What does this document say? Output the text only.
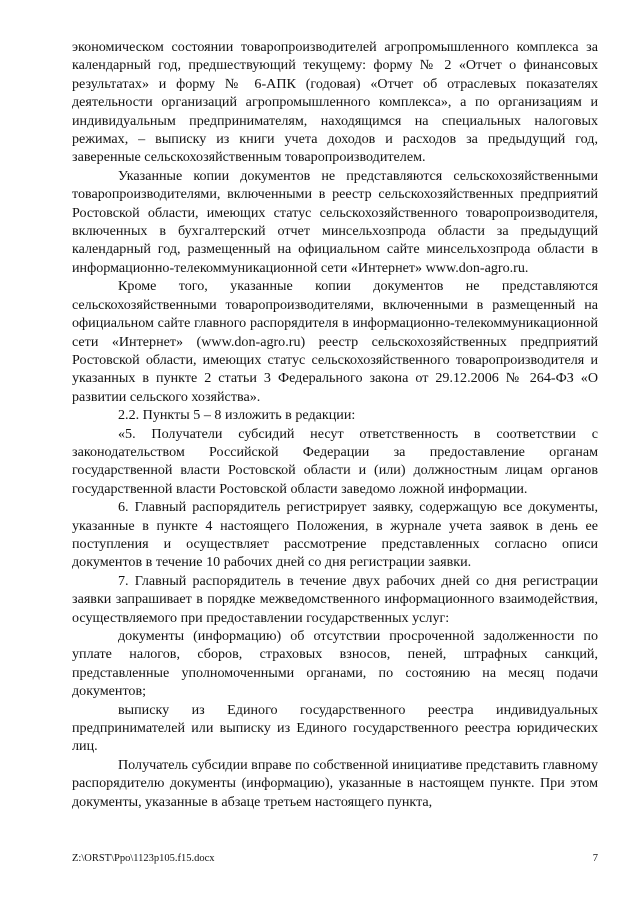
экономическом состоянии товаропроизводителей агропромышленного комплекса за календарный год, предшествующий текущему: форму № 2 «Отчет о финансовых результатах» и форму № 6-АПК (годовая) «Отчет об отраслевых показателях деятельности организаций агропромышленного комплекса», а по организациям и индивидуальным предпринимателям, находящимся на специальных налоговых режимах, – выписку из книги учета доходов и расходов за предыдущий год, заверенные сельскохозяйственным товаропроизводителем.

Указанные копии документов не представляются сельскохозяйственными товаропроизводителями, включенными в реестр сельскохозяйственных предприятий Ростовской области, имеющих статус сельскохозяйственного товаропроизводителя, включенных в бухгалтерский отчет минсельхозпрода области за предыдущий календарный год, размещенный на официальном сайте минсельхозпрода области в информационно-телекоммуникационной сети «Интернет» www.don-agro.ru.

Кроме того, указанные копии документов не представляются сельскохозяйственными товаропроизводителями, включенными в размещенный на официальном сайте главного распорядителя в информационно-телекоммуникационной сети «Интернет» (www.don-agro.ru) реестр сельскохозяйственных предприятий Ростовской области, имеющих статус сельскохозяйственного товаропроизводителя и указанных в пункте 2 статьи 3 Федерального закона от 29.12.2006 № 264-ФЗ «О развитии сельского хозяйства».

2.2. Пункты 5 – 8 изложить в редакции:

«5. Получатели субсидий несут ответственность в соответствии с законодательством Российской Федерации за предоставление органам государственной власти Ростовской области и (или) должностным лицам органов государственной власти Ростовской области заведомо ложной информации.

6. Главный распорядитель регистрирует заявку, содержащую все документы, указанные в пункте 4 настоящего Положения, в журнале учета заявок в день ее поступления и осуществляет рассмотрение представленных согласно описи документов в течение 10 рабочих дней со дня регистрации заявки.

7. Главный распорядитель в течение двух рабочих дней со дня регистрации заявки запрашивает в порядке межведомственного информационного взаимодействия, осуществляемого при предоставлении государственных услуг:

документы (информацию) об отсутствии просроченной задолженности по уплате налогов, сборов, страховых взносов, пеней, штрафных санкций, представленные уполномоченными органами, по состоянию на месяц подачи документов;

выписку из Единого государственного реестра индивидуальных предпринимателей или выписку из Единого государственного реестра юридических лиц.

Получатель субсидии вправе по собственной инициативе представить главному распорядителю документы (информацию), указанные в настоящем пункте. При этом документы, указанные в абзаце третьем настоящего пункта,

Z:\ORST\Ppo\1123p105.f15.docx	7
